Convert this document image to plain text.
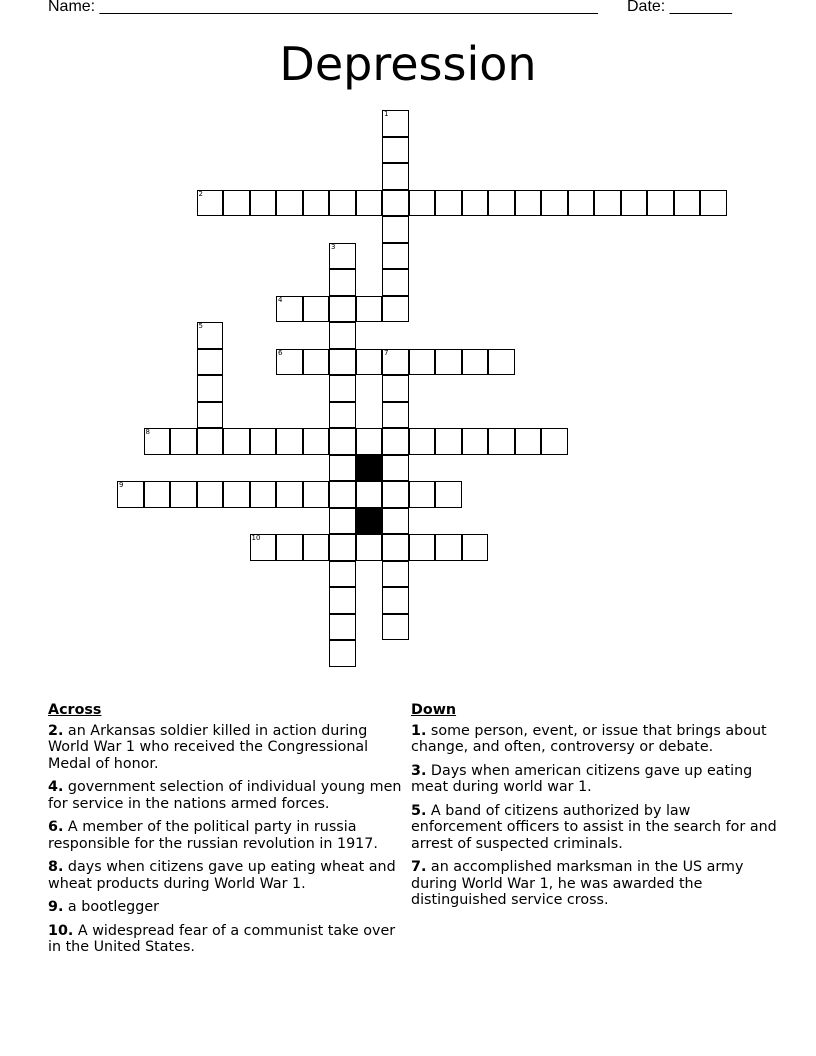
Name: ________________________________________________________ Date: _______
Depression
1
2
3
4
5
6	7
8
9
10
Across
2. an Arkansas soldier killed in action during World War 1 who received the Congressional Medal of honor.
4. government selection of individual young men for service in the nations armed forces.
6. A member of the political party in russia responsible for the russian revolution in 1917.
8. days when citizens gave up eating wheat and wheat products during World War 1.
9. a bootlegger
10. A widespread fear of a communist take over in the United States.
Down
1. some person, event, or issue that brings about change, and often, controversy or debate.
3. Days when american citizens gave up eating meat during world war 1.
5. A band of citizens authorized by law enforcement officers to assist in the search for and arrest of suspected criminals.
7. an accomplished marksman in the US army during World War 1, he was awarded the distinguished service cross.
